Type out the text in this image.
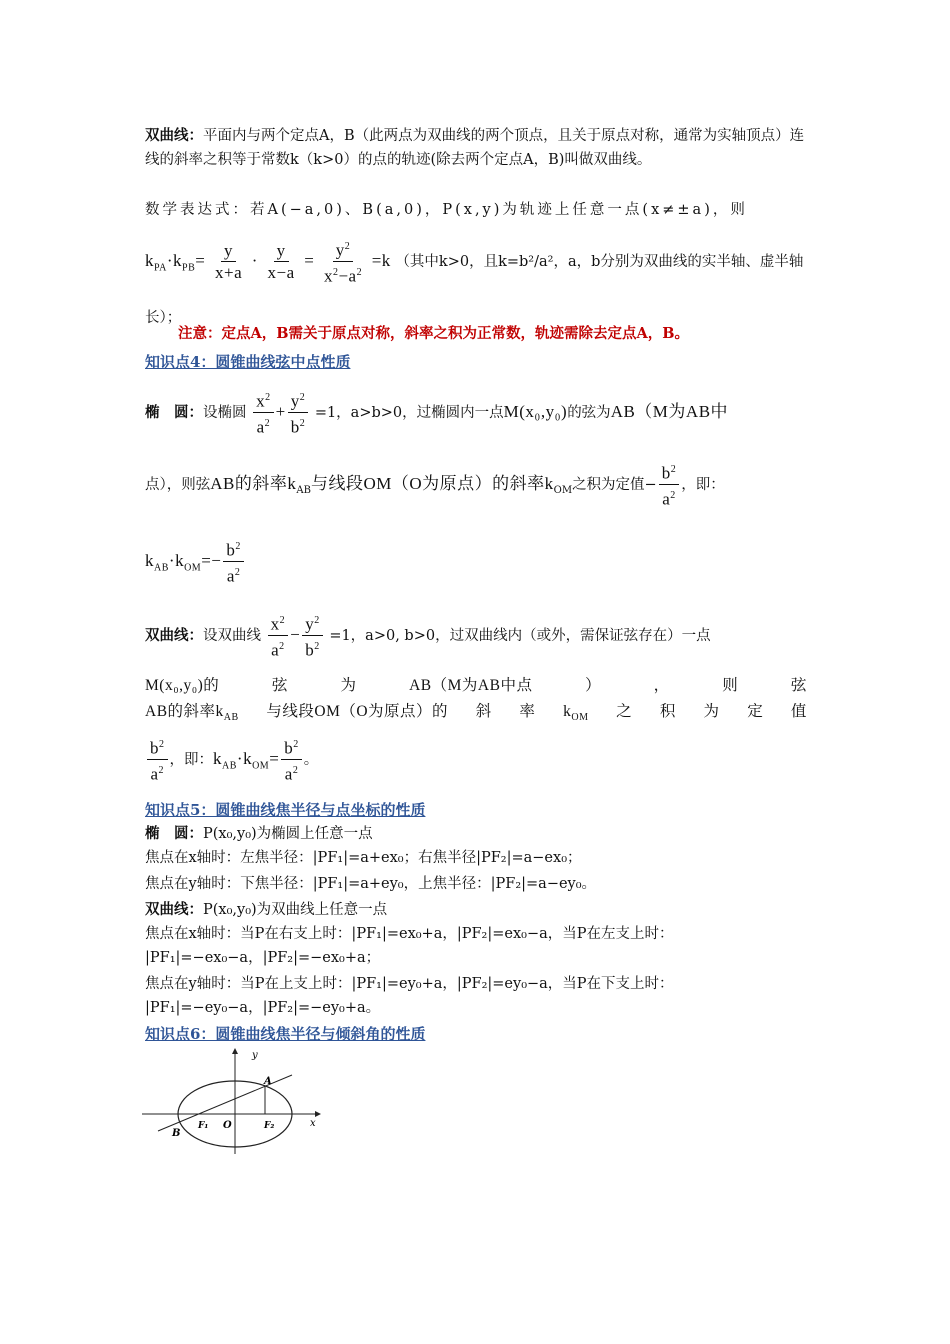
双曲线：平面内与两个定点A，B（此两点为双曲线的两个顶点，且关于原点对称，通常为实轴顶点）连线的斜率之积等于常数k（k>0）的点的轨迹(除去两个定点A，B)叫做双曲线。
数学表达式：若A(−a,0)、B(a,0)，P(x,y)为轨迹上任意一点(x≠±a)，则
$k_{PA}\cdot k_{PB}= \frac{y}{x+a} \cdot \frac{y}{x-a} = \frac{y^2}{x^2-a^2} =k$ （其中k>0，且k=b²/a²，a，b分别为双曲线的实半轴、虚半轴长）；
注意：定点A，B需关于原点对称，斜率之积为正常数，轨迹需除去定点A，B。
知识点4：圆锥曲线弦中点性质
椭　圆：设椭圆 $\frac{x^2}{a^2} + \frac{y^2}{b^2} =1$，a>b>0，过椭圆内一点M(x₀,y₀)的弦为AB（M为AB中
点），则弦AB的斜率$k_{AB}$与线段OM（O为原点）的斜率$k_{OM}$之积为定值− $\frac{b^2}{a^2}$ ，即：
$k_{AB}\cdot k_{OM}=- \frac{b^2}{a^2}$
双曲线：设双曲线 $\frac{x^2}{a^2} - \frac{y^2}{b^2} =1$，a>0, b>0，过双曲线内（或外，需保证弦存在）一点
M(x₀,y₀)的	弦	为	AB（M为AB中点	）	，	则	弦
AB的斜率$k_{AB}$ 与线段OM（O为原点）的 斜 率 $k_{OM}$ 之 积 为 定 值
$\frac{b^2}{a^2}$ ，即：$k_{AB}\cdot k_{OM}= \frac{b^2}{a^2}$ 。
知识点5：圆锥曲线焦半径与点坐标的性质
椭　圆：P(x₀,y₀)为椭圆上任意一点
焦点在x轴时：左焦半径：|PF₁|=a+ex₀；右焦半径|PF₂|=a−ex₀；
焦点在y轴时：下焦半径：|PF₁|=a+ey₀，上焦半径：|PF₂|=a−ey₀。
双曲线：P(x₀,y₀)为双曲线上任意一点
焦点在x轴时：当P在右支上时：|PF₁|=ex₀+a，|PF₂|=ex₀−a，当P在左支上时：
|PF₁|=−ex₀−a，|PF₂|=−ex₀+a；
焦点在y轴时：当P在上支上时：|PF₁|=ey₀+a，|PF₂|=ey₀−a，当P在下支上时：
|PF₁|=−ey₀−a，|PF₂|=−ey₀+a。
知识点6：圆锥曲线焦半径与倾斜角的性质
y
x
A
B
F₁ O	F₂
